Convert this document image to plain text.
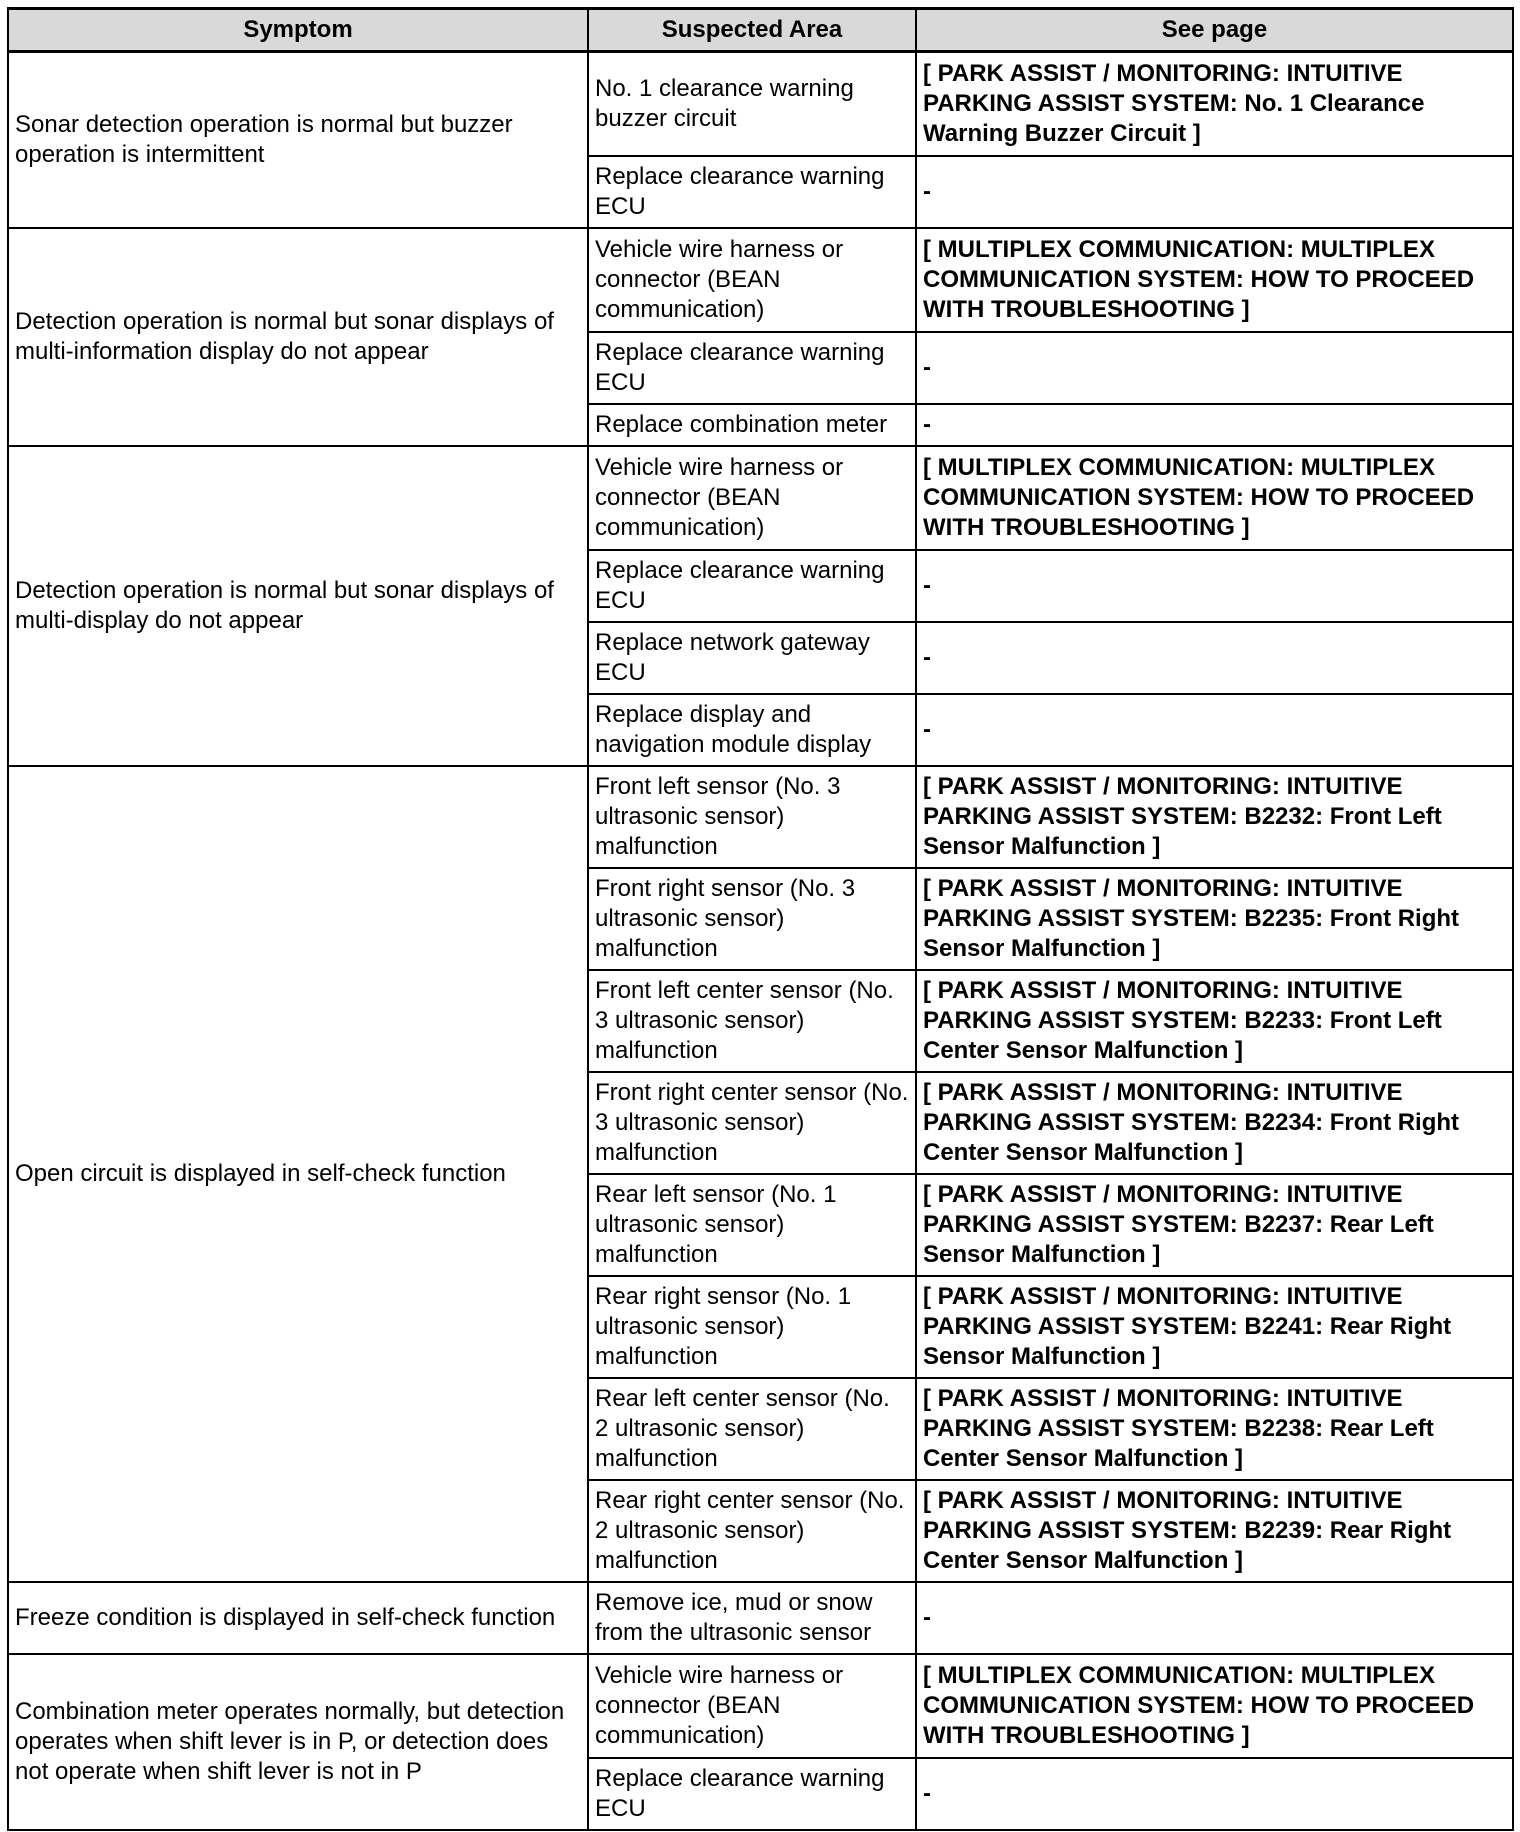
Symptom	Suspected Area	See page
Sonar detection operation is normal but buzzer operation is intermittent	No. 1 clearance warning buzzer circuit	[ PARK ASSIST / MONITORING: INTUITIVE PARKING ASSIST SYSTEM: No. 1 Clearance Warning Buzzer Circuit ]
	Replace clearance warning ECU	-
Detection operation is normal but sonar displays of multi-information display do not appear	Vehicle wire harness or connector (BEAN communication)	[ MULTIPLEX COMMUNICATION: MULTIPLEX COMMUNICATION SYSTEM: HOW TO PROCEED WITH TROUBLESHOOTING ]
	Replace clearance warning ECU	-
	Replace combination meter	-
Detection operation is normal but sonar displays of multi-display do not appear	Vehicle wire harness or connector (BEAN communication)	[ MULTIPLEX COMMUNICATION: MULTIPLEX COMMUNICATION SYSTEM: HOW TO PROCEED WITH TROUBLESHOOTING ]
	Replace clearance warning ECU	-
	Replace network gateway ECU	-
	Replace display and navigation module display	-
Open circuit is displayed in self-check function	Front left sensor (No. 3 ultrasonic sensor) malfunction	[ PARK ASSIST / MONITORING: INTUITIVE PARKING ASSIST SYSTEM: B2232: Front Left Sensor Malfunction ]
	Front right sensor (No. 3 ultrasonic sensor) malfunction	[ PARK ASSIST / MONITORING: INTUITIVE PARKING ASSIST SYSTEM: B2235: Front Right Sensor Malfunction ]
	Front left center sensor (No. 3 ultrasonic sensor) malfunction	[ PARK ASSIST / MONITORING: INTUITIVE PARKING ASSIST SYSTEM: B2233: Front Left Center Sensor Malfunction ]
	Front right center sensor (No. 3 ultrasonic sensor) malfunction	[ PARK ASSIST / MONITORING: INTUITIVE PARKING ASSIST SYSTEM: B2234: Front Right Center Sensor Malfunction ]
	Rear left sensor (No. 1 ultrasonic sensor) malfunction	[ PARK ASSIST / MONITORING: INTUITIVE PARKING ASSIST SYSTEM: B2237: Rear Left Sensor Malfunction ]
	Rear right sensor (No. 1 ultrasonic sensor) malfunction	[ PARK ASSIST / MONITORING: INTUITIVE PARKING ASSIST SYSTEM: B2241: Rear Right Sensor Malfunction ]
	Rear left center sensor (No. 2 ultrasonic sensor) malfunction	[ PARK ASSIST / MONITORING: INTUITIVE PARKING ASSIST SYSTEM: B2238: Rear Left Center Sensor Malfunction ]
	Rear right center sensor (No. 2 ultrasonic sensor) malfunction	[ PARK ASSIST / MONITORING: INTUITIVE PARKING ASSIST SYSTEM: B2239: Rear Right Center Sensor Malfunction ]
Freeze condition is displayed in self-check function	Remove ice, mud or snow from the ultrasonic sensor	-
Combination meter operates normally, but detection operates when shift lever is in P, or detection does not operate when shift lever is not in P	Vehicle wire harness or connector (BEAN communication)	[ MULTIPLEX COMMUNICATION: MULTIPLEX COMMUNICATION SYSTEM: HOW TO PROCEED WITH TROUBLESHOOTING ]
	Replace clearance warning ECU	-
